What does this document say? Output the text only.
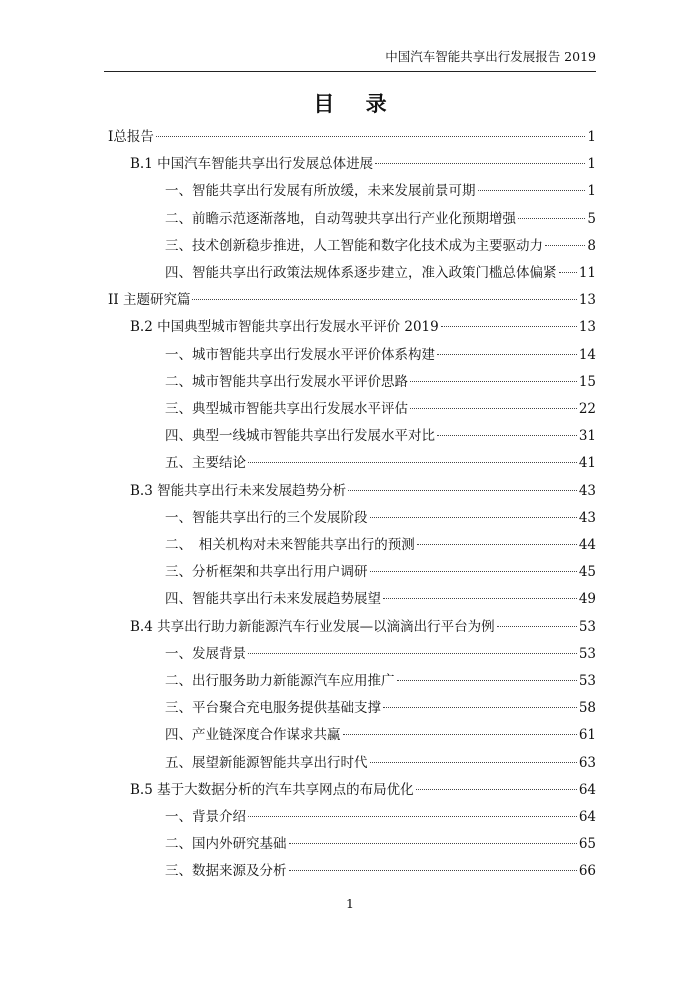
中国汽车智能共享出行发展报告 2019
目 录
Ⅰ总报告	1
B.1 中国汽车智能共享出行发展总体进展	1
一、智能共享出行发展有所放缓，未来发展前景可期	1
二、前瞻示范逐渐落地，自动驾驶共享出行产业化预期增强	5
三、技术创新稳步推进，人工智能和数字化技术成为主要驱动力	8
四、智能共享出行政策法规体系逐步建立，准入政策门槛总体偏紧 11
II 主题研究篇	13
B.2 中国典型城市智能共享出行发展水平评价 2019	13
一、城市智能共享出行发展水平评价体系构建	14
二、城市智能共享出行发展水平评价思路	15
三、典型城市智能共享出行发展水平评估	22
四、典型一线城市智能共享出行发展水平对比	31
五、主要结论	41
B.3 智能共享出行未来发展趋势分析	43
一、智能共享出行的三个发展阶段	43
二、　相关机构对未来智能共享出行的预测	44
三、分析框架和共享出行用户调研	45
四、智能共享出行未来发展趋势展望	49
B.4 共享出行助力新能源汽车行业发展—以滴滴出行平台为例	53
一、发展背景	53
二、出行服务助力新能源汽车应用推广	53
三、平台聚合充电服务提供基础支撑	58
四、产业链深度合作谋求共赢	61
五、展望新能源智能共享出行时代	63
B.5 基于大数据分析的汽车共享网点的布局优化	64
一、背景介绍	64
二、国内外研究基础	65
三、数据来源及分析	66
1
